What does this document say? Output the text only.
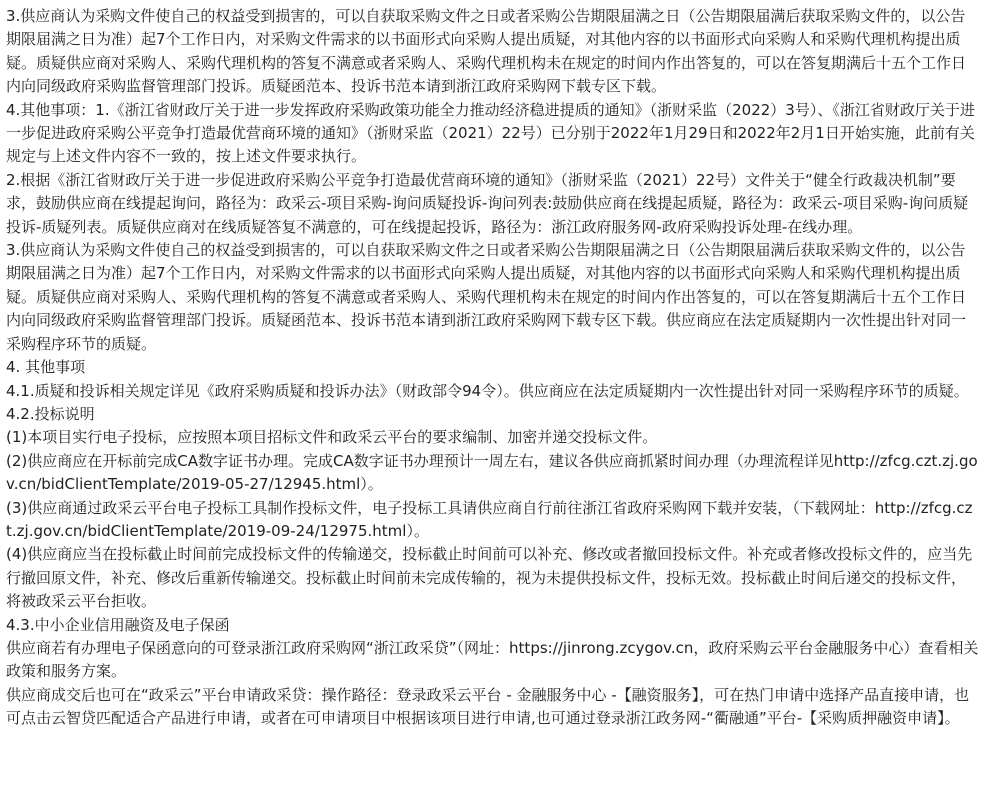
3.供应商认为采购文件使自己的权益受到损害的，可以自获取采购文件之日或者采购公告期限届满之日（公告期限届满后获取采购文件的，以公告期限届满之日为准）起7个工作日内，对采购文件需求的以书面形式向采购人提出质疑，对其他内容的以书面形式向采购人和采购代理机构提出质疑。质疑供应商对采购人、采购代理机构的答复不满意或者采购人、采购代理机构未在规定的时间内作出答复的，可以在答复期满后十五个工作日内向同级政府采购监督管理部门投诉。质疑函范本、投诉书范本请到浙江政府采购网下载专区下载。

4.其他事项：1.《浙江省财政厅关于进一步发挥政府采购政策功能全力推动经济稳进提质的通知》（浙财采监（2022）3号）、《浙江省财政厅关于进一步促进政府采购公平竞争打造最优营商环境的通知》（浙财采监（2021）22号）已分别于2022年1月29日和2022年2月1日开始实施，此前有关规定与上述文件内容不一致的，按上述文件要求执行。

2.根据《浙江省财政厅关于进一步促进政府采购公平竞争打造最优营商环境的通知》（浙财采监（2021）22号）文件关于“健全行政裁决机制”要求，鼓励供应商在线提起询问，路径为：政采云-项目采购-询问质疑投诉-询问列表:鼓励供应商在线提起质疑，路径为：政采云-项目采购-询问质疑投诉-质疑列表。质疑供应商对在线质疑答复不满意的，可在线提起投诉，路径为：浙江政府服务网-政府采购投诉处理-在线办理。

3.供应商认为采购文件使自己的权益受到损害的，可以自获取采购文件之日或者采购公告期限届满之日（公告期限届满后获取采购文件的，以公告期限届满之日为准）起7个工作日内，对采购文件需求的以书面形式向采购人提出质疑，对其他内容的以书面形式向采购人和采购代理机构提出质疑。质疑供应商对采购人、采购代理机构的答复不满意或者采购人、采购代理机构未在规定的时间内作出答复的，可以在答复期满后十五个工作日内向同级政府采购监督管理部门投诉。质疑函范本、投诉书范本请到浙江政府采购网下载专区下载。供应商应在法定质疑期内一次性提出针对同一采购程序环节的质疑。

4. 其他事项

4.1.质疑和投诉相关规定详见《政府采购质疑和投诉办法》（财政部令94令）。供应商应在法定质疑期内一次性提出针对同一采购程序环节的质疑。

4.2.投标说明

(1)本项目实行电子投标，应按照本项目招标文件和政采云平台的要求编制、加密并递交投标文件。

(2)供应商应在开标前完成CA数字证书办理。完成CA数字证书办理预计一周左右，建议各供应商抓紧时间办理（办理流程详见http://zfcg.czt.zj.gov.cn/bidClientTemplate/2019-05-27/12945.html）。

(3)供应商通过政采云平台电子投标工具制作投标文件，电子投标工具请供应商自行前往浙江省政府采购网下载并安装，（下载网址：http://zfcg.czt.zj.gov.cn/bidClientTemplate/2019-09-24/12975.html）。

(4)供应商应当在投标截止时间前完成投标文件的传输递交，投标截止时间前可以补充、修改或者撤回投标文件。补充或者修改投标文件的，应当先行撤回原文件，补充、修改后重新传输递交。投标截止时间前未完成传输的，视为未提供投标文件，投标无效。投标截止时间后递交的投标文件，将被政采云平台拒收。

4.3.中小企业信用融资及电子保函

供应商若有办理电子保函意向的可登录浙江政府采购网“浙江政采贷”（网址：https://jinrong.zcygov.cn，政府采购云平台金融服务中心）查看相关政策和服务方案。

供应商成交后也可在“政采云”平台申请政采贷：操作路径：登录政采云平台 - 金融服务中心 -【融资服务】，可在热门申请中选择产品直接申请，也可点击云智贷匹配适合产品进行申请，或者在可申请项目中根据该项目进行申请,也可通过登录浙江政务网-“衢融通”平台-【采购质押融资申请】。
